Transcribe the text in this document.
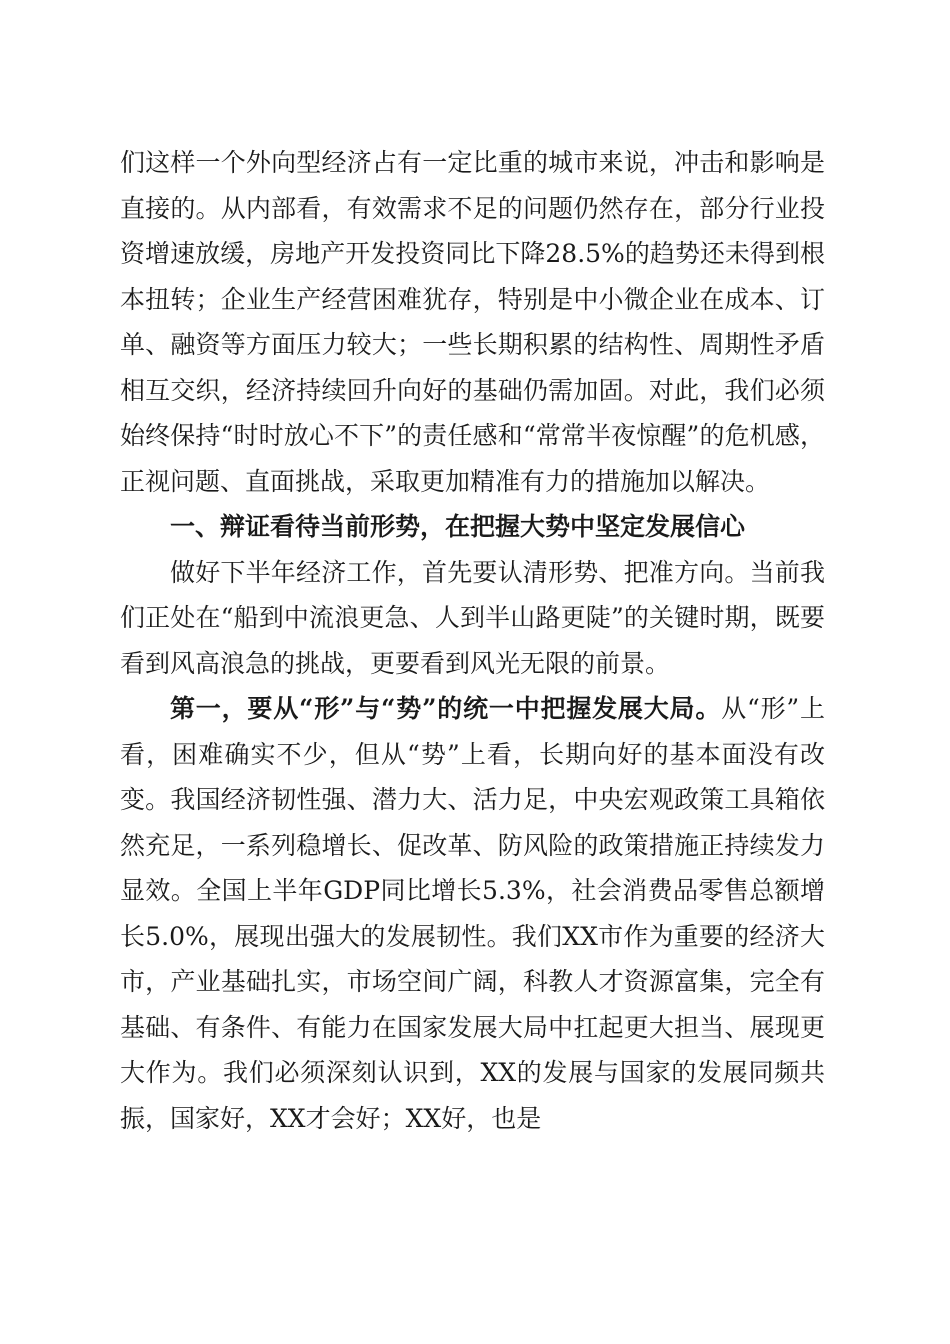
们这样一个外向型经济占有一定比重的城市来说，冲击和影响是直接的。从内部看，有效需求不足的问题仍然存在，部分行业投资增速放缓，房地产开发投资同比下降28.5%的趋势还未得到根本扭转；企业生产经营困难犹存，特别是中小微企业在成本、订单、融资等方面压力较大；一些长期积累的结构性、周期性矛盾相互交织，经济持续回升向好的基础仍需加固。对此，我们必须始终保持“时时放心不下”的责任感和“常常半夜惊醒”的危机感，正视问题、直面挑战，采取更加精准有力的措施加以解决。

一、辩证看待当前形势，在把握大势中坚定发展信心

做好下半年经济工作，首先要认清形势、把准方向。当前我们正处在“船到中流浪更急、人到半山路更陡”的关键时期，既要看到风高浪急的挑战，更要看到风光无限的前景。

第一，要从“形”与“势”的统一中把握发展大局。从“形”上看，困难确实不少，但从“势”上看，长期向好的基本面没有改变。我国经济韧性强、潜力大、活力足，中央宏观政策工具箱依然充足，一系列稳增长、促改革、防风险的政策措施正持续发力显效。全国上半年GDP同比增长5.3%，社会消费品零售总额增长5.0%，展现出强大的发展韧性。我们XX市作为重要的经济大市，产业基础扎实，市场空间广阔，科教人才资源富集，完全有基础、有条件、有能力在国家发展大局中扛起更大担当、展现更大作为。我们必须深刻认识到，XX的发展与国家的发展同频共振，国家好，XX才会好；XX好，也是
